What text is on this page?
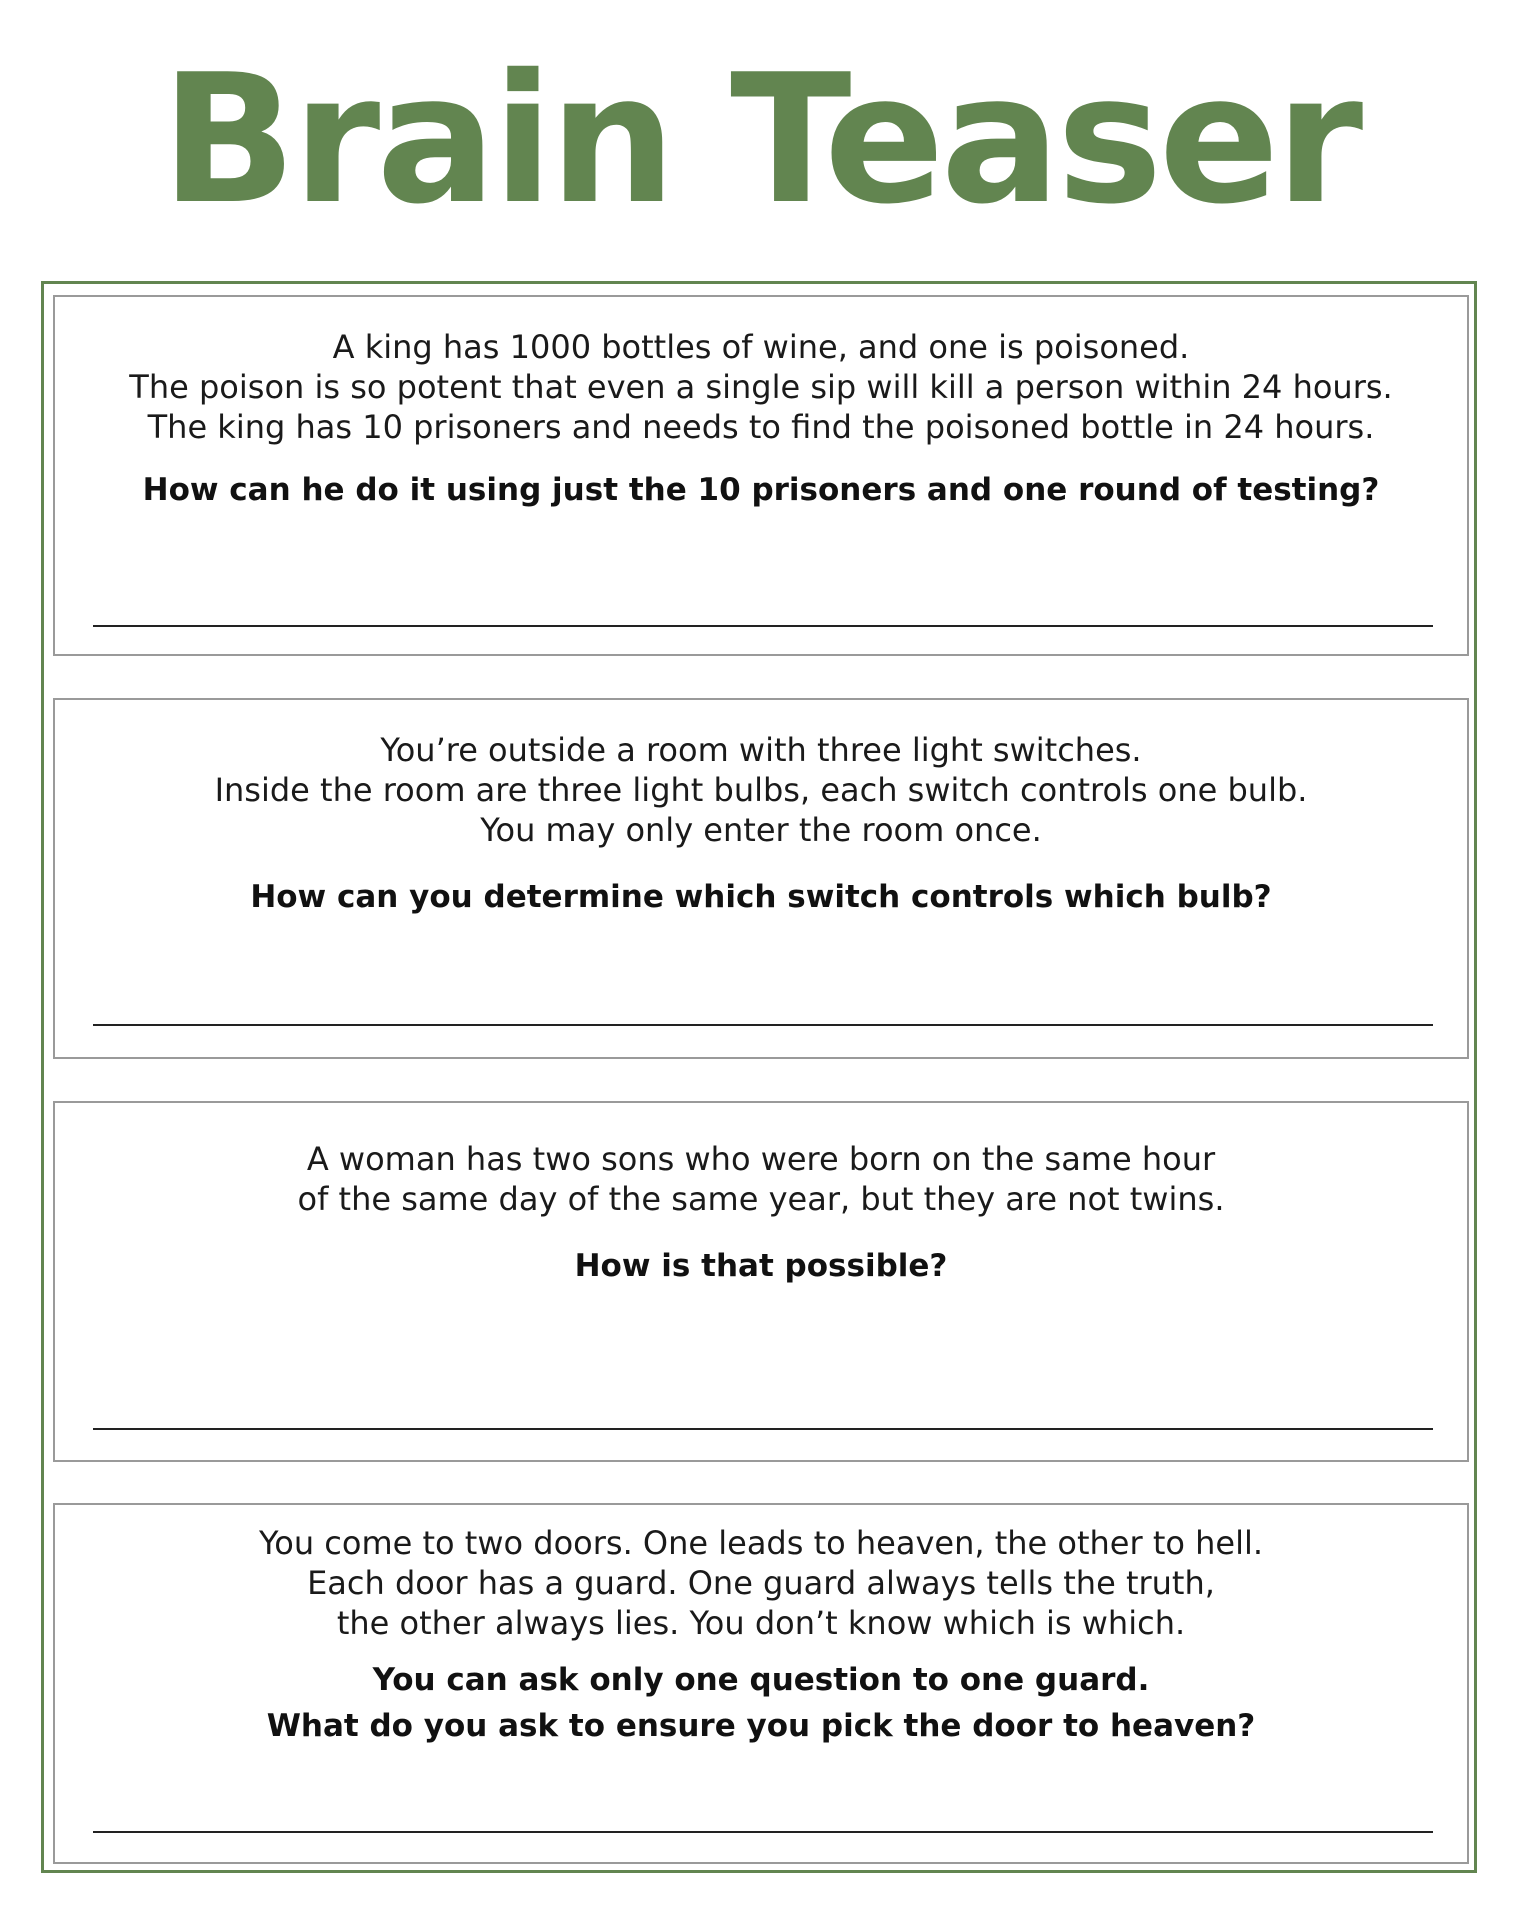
Brain Teaser
A king has 1000 bottles of wine, and one is poisoned.
The poison is so potent that even a single sip will kill a person within 24 hours.
The king has 10 prisoners and needs to find the poisoned bottle in 24 hours.
How can he do it using just the 10 prisoners and one round of testing?
You’re outside a room with three light switches.
Inside the room are three light bulbs, each switch controls one bulb.
You may only enter the room once.
How can you determine which switch controls which bulb?
A woman has two sons who were born on the same hour
of the same day of the same year, but they are not twins.
How is that possible?
You come to two doors. One leads to heaven, the other to hell.
Each door has a guard. One guard always tells the truth,
the other always lies. You don’t know which is which.
You can ask only one question to one guard.
What do you ask to ensure you pick the door to heaven?
